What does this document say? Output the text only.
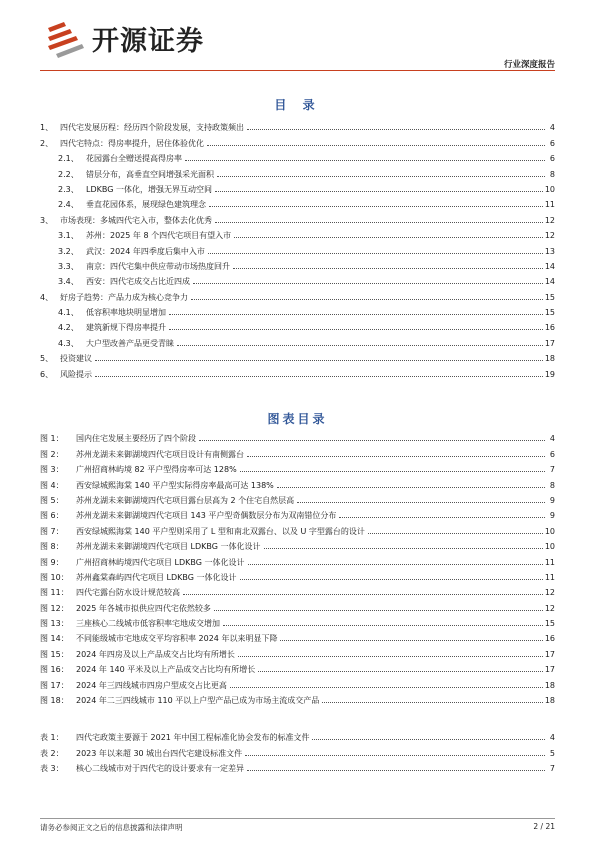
开源证券
行业深度报告
目 录
1、 四代宅发展历程：经历四个阶段发展，支持政策频出	4
2、 四代宅特点：得房率提升，居住体验优化	6
2.1、 花园露台全赠送提高得房率	6
2.2、 错层分布，高垂直空间增强采光面积	8
2.3、 LDKBG 一体化，增强无界互动空间	10
2.4、 垂直花园体系，展现绿色建筑理念	11
3、 市场表现：多城四代宅入市，整体去化优秀	12
3.1、 苏州：2025 年 8 个四代宅项目有望入市	12
3.2、 武汉：2024 年四季度后集中入市	13
3.3、 南京：四代宅集中供应带动市场热度回升	14
3.4、 西安：四代宅成交占比近四成	14
4、 好房子趋势：产品力成为核心竞争力	15
4.1、 低容积率地块明显增加	15
4.2、 建筑新规下得房率提升	16
4.3、 大户型改善产品更受青睐	17
5、 投资建议	18
6、 风险提示	19
图表目录
图 1：	国内住宅发展主要经历了四个阶段	4
图 2：	苏州龙湖未来御湖境四代宅项目设计有南侧露台	6
图 3：	广州招商林屿境 82 平户型得房率可达 128%	7
图 4：	西安绿城熙海棠 140 平户型实际得房率最高可达 138%	8
图 5：	苏州龙湖未来御湖境四代宅项目露台层高为 2 个住宅自然层高	9
图 6：	苏州龙湖未来御湖境四代宅项目 143 平户型奇偶数层分布为双南错位分布	9
图 7：	西安绿城熙海棠 140 平户型则采用了 L 型和南北双露台、以及 U 字型露台的设计	10
图 8：	苏州龙湖未来御湖境四代宅项目 LDKBG 一体化设计	10
图 9：	广州招商林屿境四代宅项目 LDKBG 一体化设计	11
图 10： 苏州鑫棠森屿四代宅项目 LDKBG 一体化设计	11
图 11： 四代宅露台防水设计规范较高	12
图 12： 2025 年各城市拟供应四代宅依然较多	12
图 13： 三座核心二线城市低容积率宅地成交增加	15
图 14： 不同能级城市宅地成交平均容积率 2024 年以来明显下降	16
图 15： 2024 年四房及以上产品成交占比均有所增长	17
图 16： 2024 年 140 平米及以上产品成交占比均有所增长	17
图 17： 2024 年三四线城市四房户型成交占比更高	18
图 18： 2024 年二三四线城市 110 平以上户型产品已成为市场主流成交产品	18
表 1：	四代宅政策主要源于 2021 年中国工程标准化协会发布的标准文件	4
表 2：	2023 年以来超 30 城出台四代宅建设标准文件	5
表 3：	核心二线城市对于四代宅的设计要求有一定差异	7
请务必参阅正文之后的信息披露和法律声明	2 / 21
